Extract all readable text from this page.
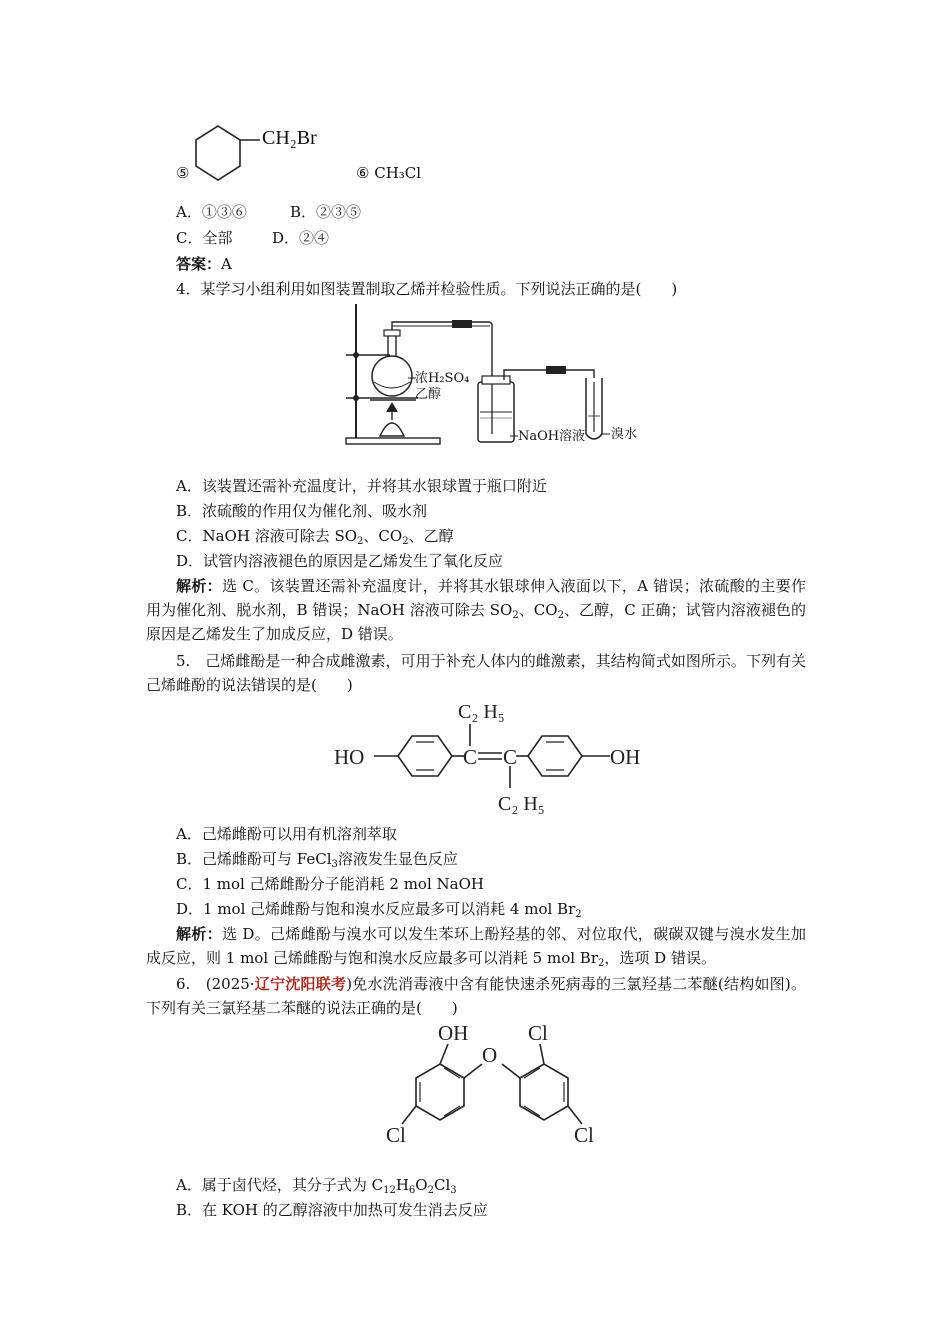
CH₂Br
⑤	⑥ CH₃Cl
A．①③⑥	B．②③⑤
C．全部	D．②④
答案：A
4．某学习小组利用如图装置制取乙烯并检验性质。下列说法正确的是(　　)
浓H₂SO₄
乙醇
NaOH溶液 溴水
A．该装置还需补充温度计，并将其水银球置于瓶口附近
B．浓硫酸的作用仅为催化剂、吸水剂
C．NaOH 溶液可除去 $SO_2$、$CO_2$、乙醇
D．试管内溶液褪色的原因是乙烯发生了氧化反应
解析：选 C。该装置还需补充温度计，并将其水银球伸入液面以下，A 错误；浓硫酸的主要作用为催化剂、脱水剂，B 错误；NaOH 溶液可除去 $SO_2$、$CO_2$、乙醇，C 正确；试管内溶液褪色的原因是乙烯发生了加成反应，D 错误。
5.　己烯雌酚是一种合成雌激素，可用于补充人体内的雌激素，其结构简式如图所示。下列有关己烯雌酚的说法错误的是(　　)
HO	OH
C C
C₂ H₅
C₂ H₅
A．己烯雌酚可以用有机溶剂萃取
B．己烯雌酚可与 FeCl$_3$溶液发生显色反应
C．1 mol 己烯雌酚分子能消耗 2 mol NaOH
D．1 mol 己烯雌酚与饱和溴水反应最多可以消耗 4 mol $Br_2$
解析：选 D。己烯雌酚与溴水可以发生苯环上酚羟基的邻、对位取代，碳碳双键与溴水发生加成反应，则 1 mol 己烯雌酚与饱和溴水反应最多可以消耗 5 mol $Br_2$，选项 D 错误。
6.　(2025·辽宁沈阳联考)免水洗消毒液中含有能快速杀死病毒的三氯羟基二苯醚(结构如图)。下列有关三氯羟基二苯醚的说法正确的是(　　)
OH
O
Cl
Cl	Cl
A．属于卤代烃，其分子式为 $C_{12}H_6O_2Cl_3$
B．在 KOH 的乙醇溶液中加热可发生消去反应
